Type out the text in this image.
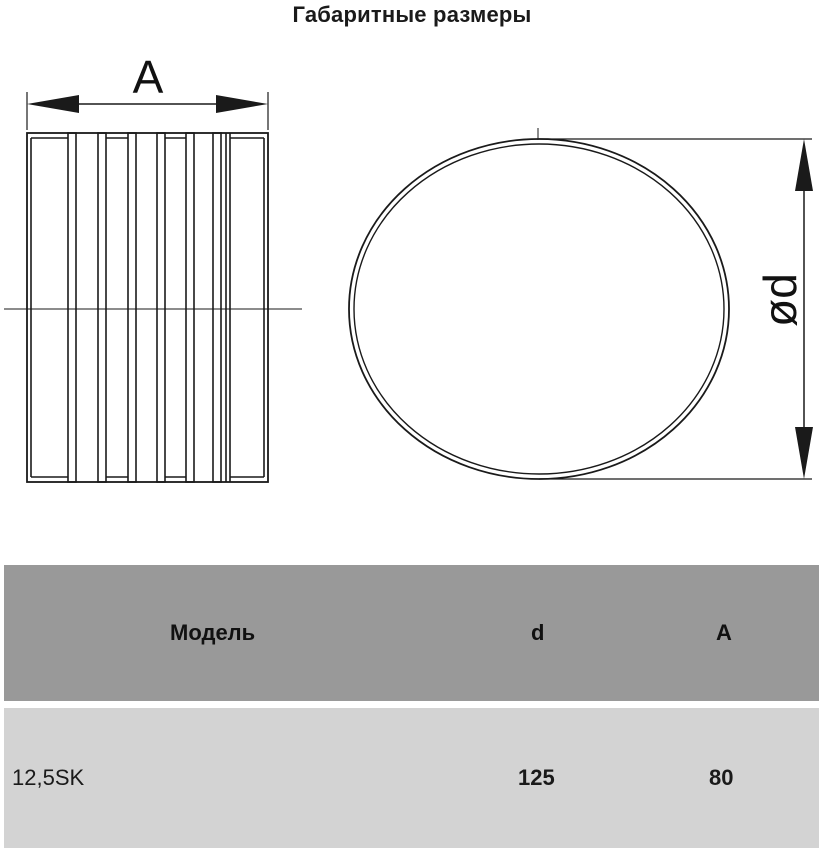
Габаритные размеры
A
ød
Модель	d	A
12,5SK	125	80
